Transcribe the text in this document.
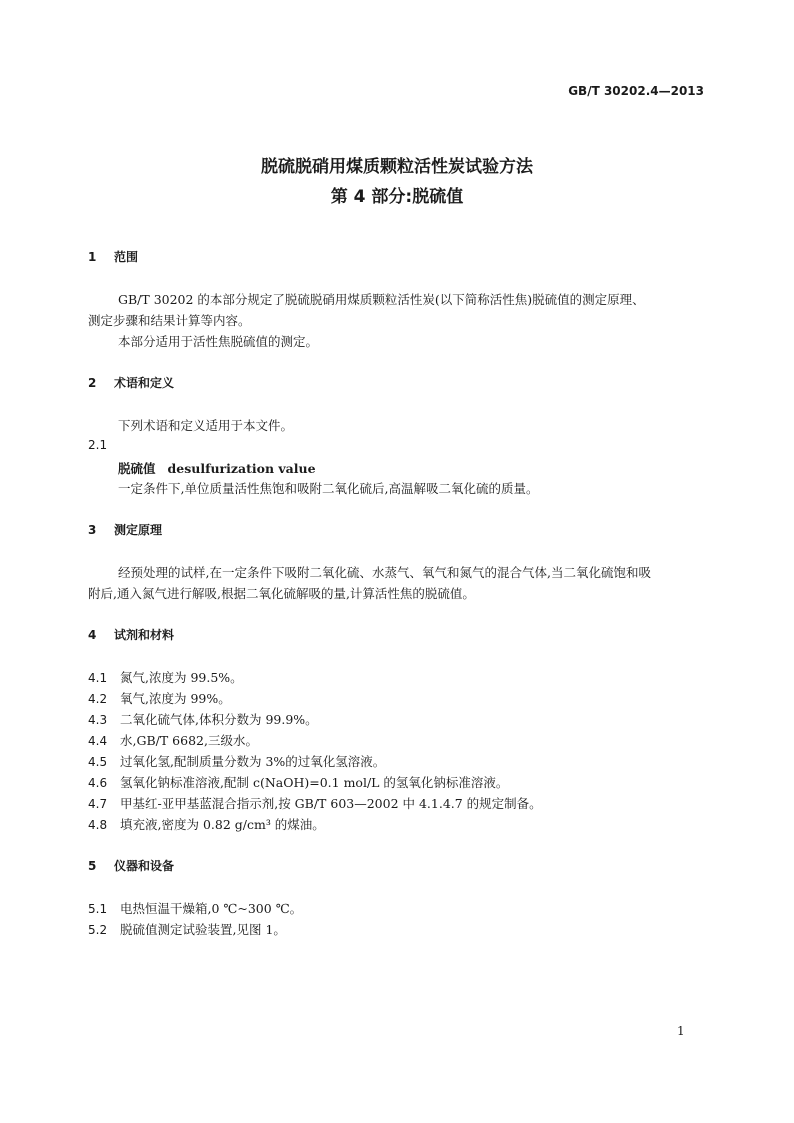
GB/T 30202.4—2013
脱硫脱硝用煤质颗粒活性炭试验方法
第 4 部分:脱硫值
1 范围
GB/T 30202 的本部分规定了脱硫脱硝用煤质颗粒活性炭(以下简称活性焦)脱硫值的测定原理、
测定步骤和结果计算等内容。
本部分适用于活性焦脱硫值的测定。
2 术语和定义
下列术语和定义适用于本文件。
2.1
脱硫值 desulfurization value
一定条件下,单位质量活性焦饱和吸附二氧化硫后,高温解吸二氧化硫的质量。
3 测定原理
经预处理的试样,在一定条件下吸附二氧化硫、水蒸气、氧气和氮气的混合气体,当二氧化硫饱和吸
附后,通入氮气进行解吸,根据二氧化硫解吸的量,计算活性焦的脱硫值。
4 试剂和材料
4.1 氮气,浓度为 99.5%。
4.2 氧气,浓度为 99%。
4.3 二氧化硫气体,体积分数为 99.9%。
4.4 水,GB/T 6682,三级水。
4.5 过氧化氢,配制质量分数为 3%的过氧化氢溶液。
4.6 氢氧化钠标准溶液,配制 c(NaOH)=0.1 mol/L 的氢氧化钠标准溶液。
4.7 甲基红-亚甲基蓝混合指示剂,按 GB/T 603—2002 中 4.1.4.7 的规定制备。
4.8 填充液,密度为 0.82 g/cm³ 的煤油。
5 仪器和设备
5.1 电热恒温干燥箱,0 ℃~300 ℃。
5.2 脱硫值测定试验装置,见图 1。
1
